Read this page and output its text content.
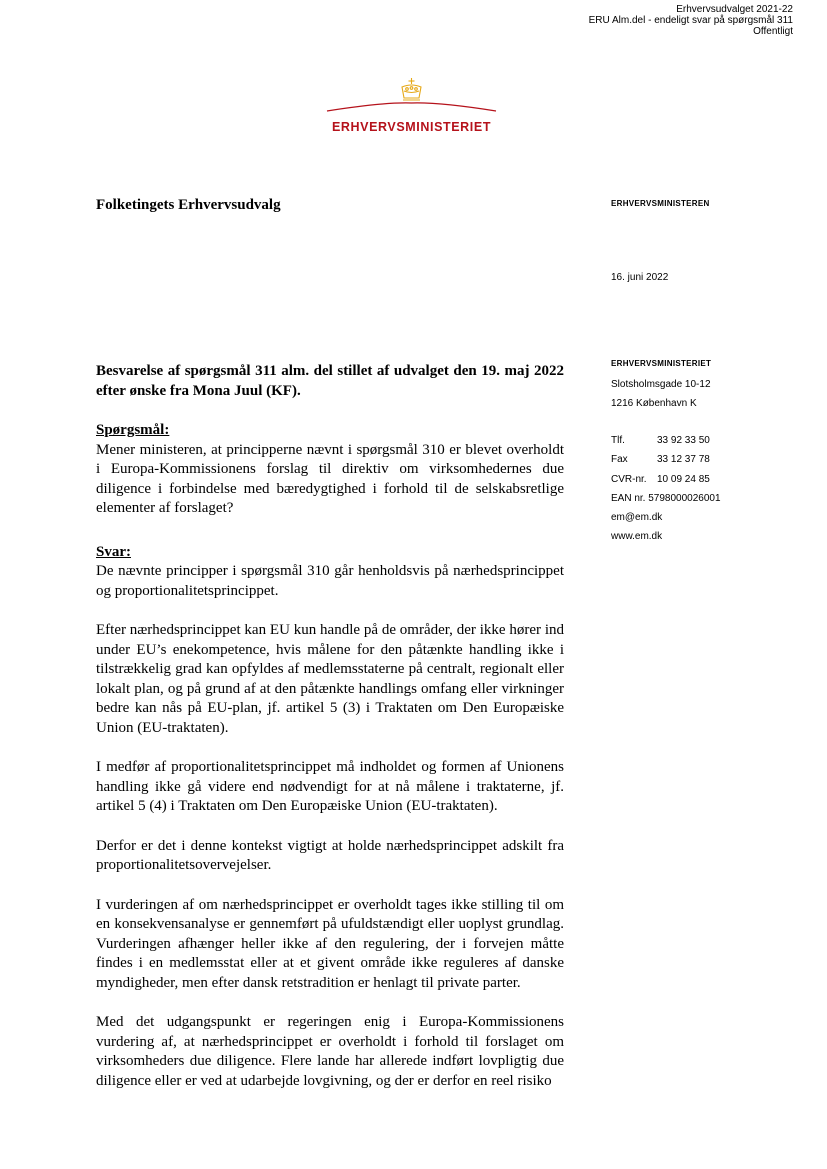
Erhvervsudvalget 2021-22
ERU Alm.del - endeligt svar på spørgsmål 311
Offentligt
ERHVERVSMINISTERIET
Folketingets Erhvervsudvalg	ERHVERVSMINISTEREN
16. juni 2022
ERHVERVSMINISTERIET
Slotsholmsgade 10-12
1216 København K
Tlf.	33 92 33 50
Fax	33 12 37 78
CVR-nr. 10 09 24 85
EAN nr. 5798000026001
em@em.dk
www.em.dk

Besvarelse af spørgsmål 311 alm. del stillet af udvalget den 19. maj 2022 efter ønske fra Mona Juul (KF).

Spørgsmål:

Mener ministeren, at principperne nævnt i spørgsmål 310 er blevet overholdt i Europa-Kommissionens forslag til direktiv om virksomhedernes due diligence i forbindelse med bæredygtighed i forhold til de selskabsretlige elementer af forslaget?

Svar:

De nævnte principper i spørgsmål 310 går henholdsvis på nærhedsprincippet og proportionalitetsprincippet.

Efter nærhedsprincippet kan EU kun handle på de områder, der ikke hører ind under EU’s enekompetence, hvis målene for den påtænkte handling ikke i tilstrækkelig grad kan opfyldes af medlemsstaterne på centralt, regionalt eller lokalt plan, og på grund af at den påtænkte handlings omfang eller virkninger bedre kan nås på EU-plan, jf. artikel 5 (3) i Traktaten om Den Europæiske Union (EU-traktaten).

I medfør af proportionalitetsprincippet må indholdet og formen af Unionens handling ikke gå videre end nødvendigt for at nå målene i traktaterne, jf. artikel 5 (4) i Traktaten om Den Europæiske Union (EU-traktaten).

Derfor er det i denne kontekst vigtigt at holde nærhedsprincippet adskilt fra proportionalitetsovervejelser.

I vurderingen af om nærhedsprincippet er overholdt tages ikke stilling til om en konsekvensanalyse er gennemført på ufuldstændigt eller uoplyst grundlag. Vurderingen afhænger heller ikke af den regulering, der i forvejen måtte findes i en medlemsstat eller at et givent område ikke reguleres af danske myndigheder, men efter dansk retstradition er henlagt til private parter.

Med det udgangspunkt er regeringen enig i Europa-Kommissionens vurdering af, at nærhedsprincippet er overholdt i forhold til forslaget om virksomheders due diligence. Flere lande har allerede indført lovpligtig due diligence eller er ved at udarbejde lovgivning, og der er derfor en reel risiko
